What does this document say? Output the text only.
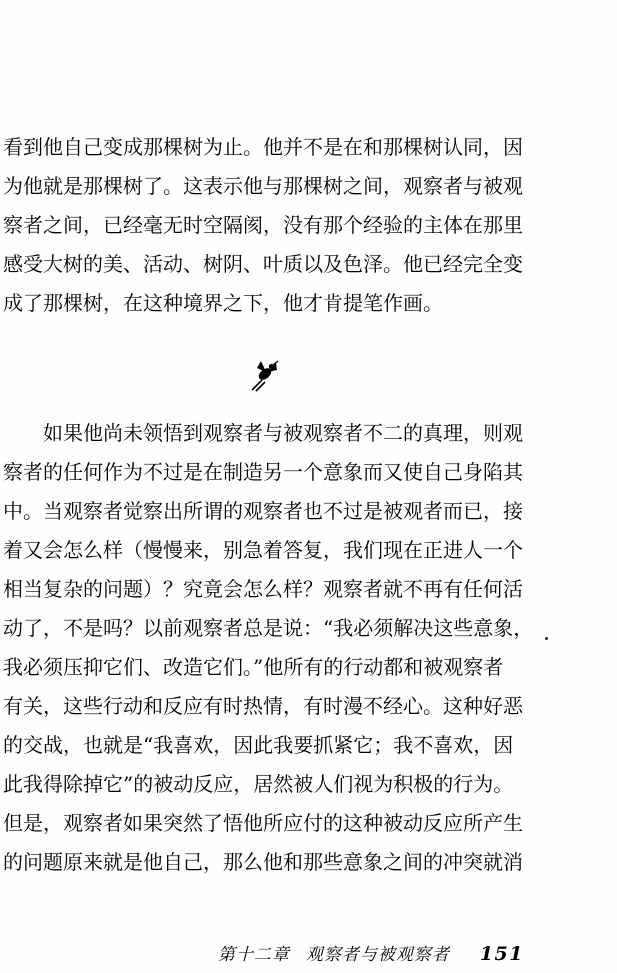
看到他自己变成那棵树为止。他并不是在和那棵树认同，因
为他就是那棵树了。这表示他与那棵树之间，观察者与被观
察者之间，已经毫无时空隔阂，没有那个经验的主体在那里
感受大树的美、活动、树阴、叶质以及色泽。他已经完全变
成了那棵树，在这种境界之下，他才肯提笔作画。
如果他尚未领悟到观察者与被观察者不二的真理，则观
察者的任何作为不过是在制造另一个意象而又使自己身陷其
中。当观察者觉察出所谓的观察者也不过是被观者而已，接
着又会怎么样（慢慢来，别急着答复，我们现在正进人一个
相当复杂的问题）？究竟会怎么样？观察者就不再有任何活
动了，不是吗？以前观察者总是说：“我必须解决这些意象，
我必须压抑它们、改造它们。”他所有的行动都和被观察者
有关，这些行动和反应有时热情，有时漫不经心。这种好恶
的交战，也就是“我喜欢，因此我要抓紧它；我不喜欢，因
此我得除掉它”的被动反应，居然被人们视为积极的行为。
但是，观察者如果突然了悟他所应付的这种被动反应所产生
的问题原来就是他自己，那么他和那些意象之间的冲突就消
第十二章 观察者与被观察者 151
